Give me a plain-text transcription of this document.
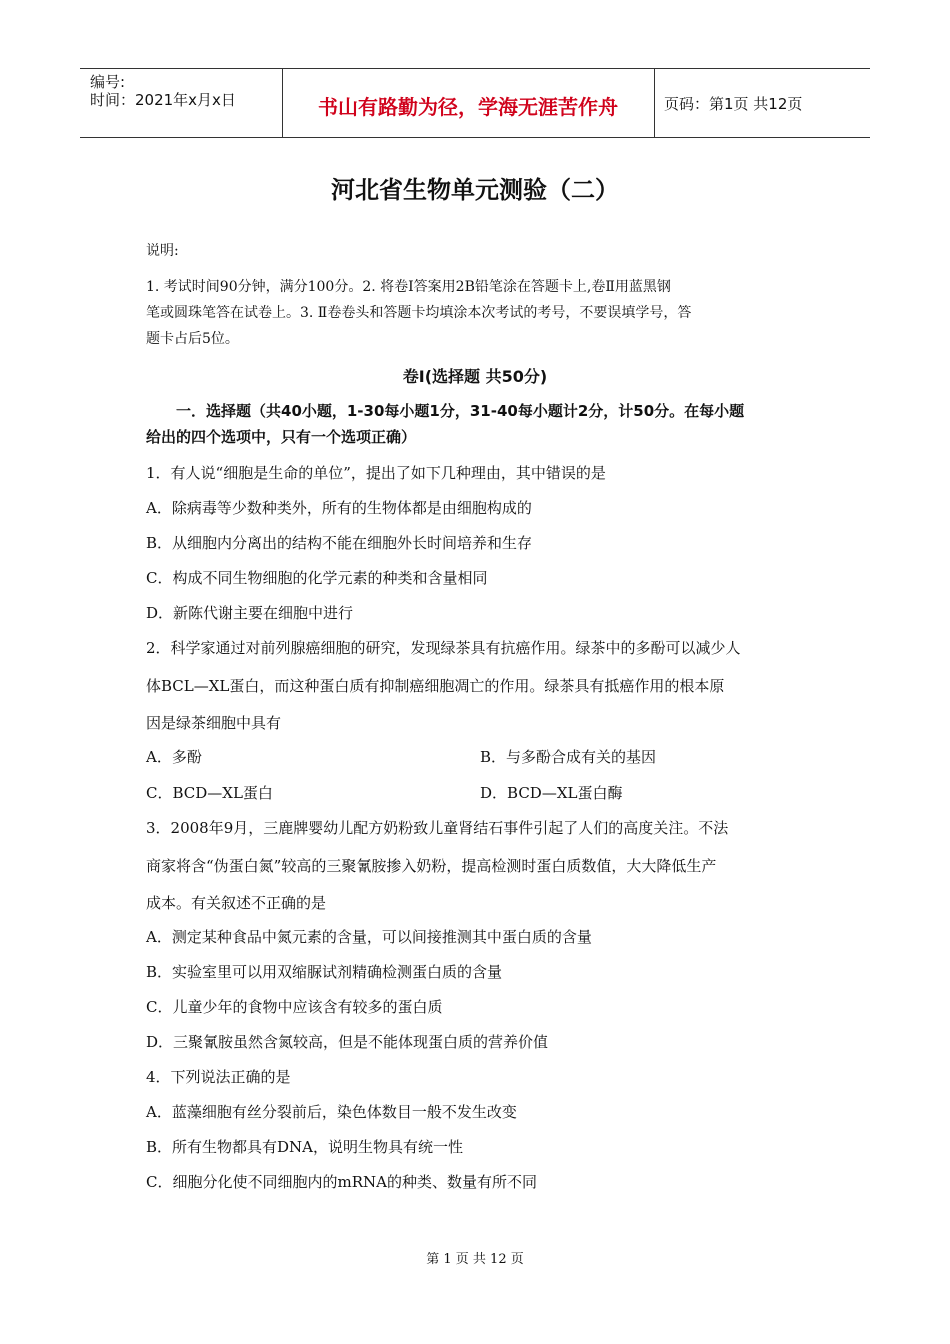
编号:
时间：2021年x月x日	书山有路勤为径，学海无涯苦作舟	页码：第1页 共12页
河北省生物单元测验（二）
说明:
1. 考试时间90分钟，满分100分。2. 将卷Ⅰ答案用2B铅笔涂在答题卡上,卷Ⅱ用蓝黑钢
笔或圆珠笔答在试卷上。3. Ⅱ卷卷头和答题卡均填涂本次考试的考号，不要误填学号，答
题卡占后5位。
卷Ⅰ(选择题 共50分)
一．选择题（共40小题，1-30每小题1分，31-40每小题计2分，计50分。在每小题
给出的四个选项中，只有一个选项正确）
1．有人说“细胞是生命的单位”，提出了如下几种理由，其中错误的是
A．除病毒等少数种类外，所有的生物体都是由细胞构成的
B．从细胞内分离出的结构不能在细胞外长时间培养和生存
C．构成不同生物细胞的化学元素的种类和含量相同
D．新陈代谢主要在细胞中进行
2．科学家通过对前列腺癌细胞的研究，发现绿茶具有抗癌作用。绿茶中的多酚可以减少人
体BCL—XL蛋白，而这种蛋白质有抑制癌细胞凋亡的作用。绿茶具有抵癌作用的根本原
因是绿茶细胞中具有
A．多酚	B．与多酚合成有关的基因
C．BCD—XL蛋白	D．BCD—XL蛋白酶
3．2008年9月，三鹿牌婴幼儿配方奶粉致儿童肾结石事件引起了人们的高度关注。不法
商家将含“伪蛋白氮”较高的三聚氰胺掺入奶粉，提高检测时蛋白质数值，大大降低生产
成本。有关叙述不正确的是
A．测定某种食品中氮元素的含量，可以间接推测其中蛋白质的含量
B．实验室里可以用双缩脲试剂精确检测蛋白质的含量
C．儿童少年的食物中应该含有较多的蛋白质
D．三聚氰胺虽然含氮较高，但是不能体现蛋白质的营养价值
4．下列说法正确的是
A．蓝藻细胞有丝分裂前后，染色体数目一般不发生改变
B．所有生物都具有DNA，说明生物具有统一性
C．细胞分化使不同细胞内的mRNA的种类、数量有所不同
第 1 页 共 12 页
